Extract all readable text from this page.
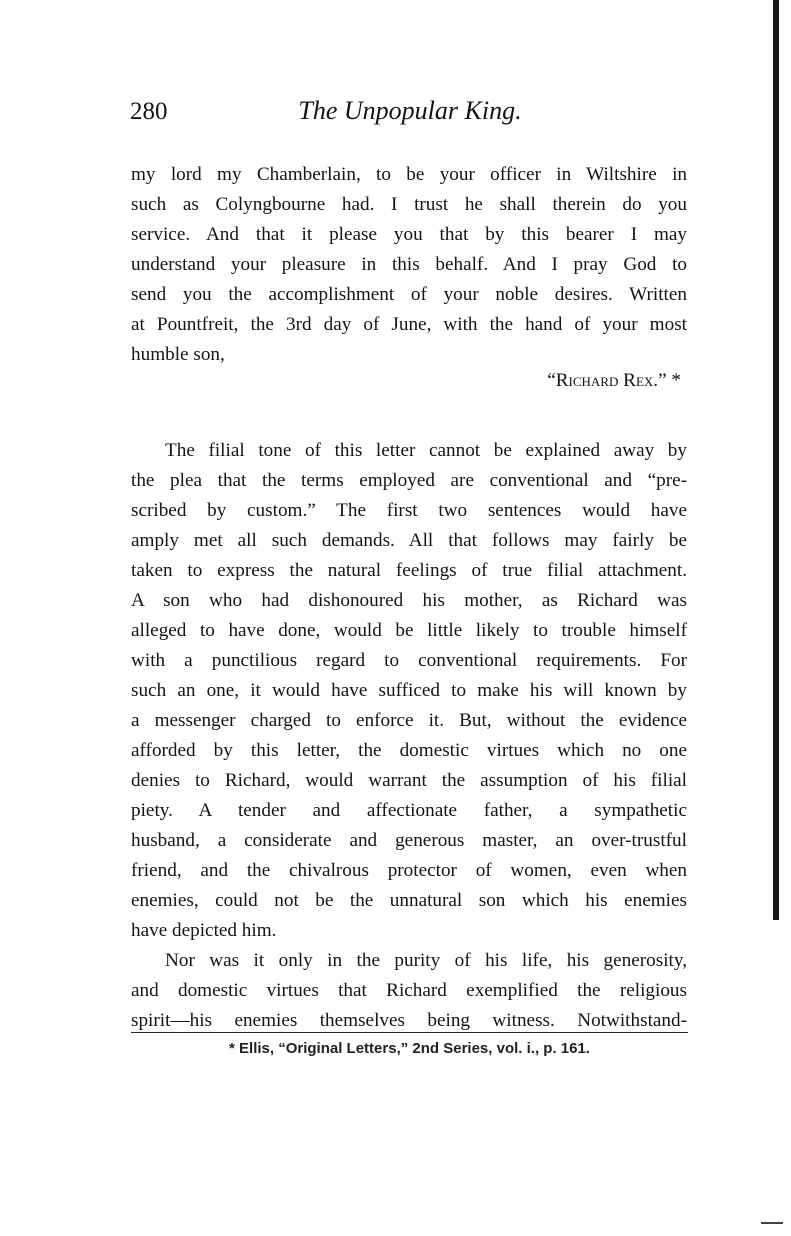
280	The Unpopular King.
my lord my Chamberlain, to be your officer in Wiltshire in
such as Colyngbourne had. I trust he shall therein do you
service. And that it please you that by this bearer I may
understand your pleasure in this behalf. And I pray God to
send you the accomplishment of your noble desires. Written
at Pountfreit, the 3rd day of June, with the hand of your most
humble son,
“Richard Rex.” *
The filial tone of this letter cannot be explained away by
the plea that the terms employed are conventional and “pre-
scribed by custom.” The first two sentences would have
amply met all such demands. All that follows may fairly be
taken to express the natural feelings of true filial attachment.
A son who had dishonoured his mother, as Richard was
alleged to have done, would be little likely to trouble himself
with a punctilious regard to conventional requirements. For
such an one, it would have sufficed to make his will known by
a messenger charged to enforce it. But, without the evidence
afforded by this letter, the domestic virtues which no one
denies to Richard, would warrant the assumption of his filial
piety. A tender and affectionate father, a sympathetic
husband, a considerate and generous master, an over-trustful
friend, and the chivalrous protector of women, even when
enemies, could not be the unnatural son which his enemies
have depicted him.
Nor was it only in the purity of his life, his generosity,
and domestic virtues that Richard exemplified the religious
spirit—his enemies themselves being witness. Notwithstand-
* Ellis, “Original Letters,” 2nd Series, vol. i., p. 161.
